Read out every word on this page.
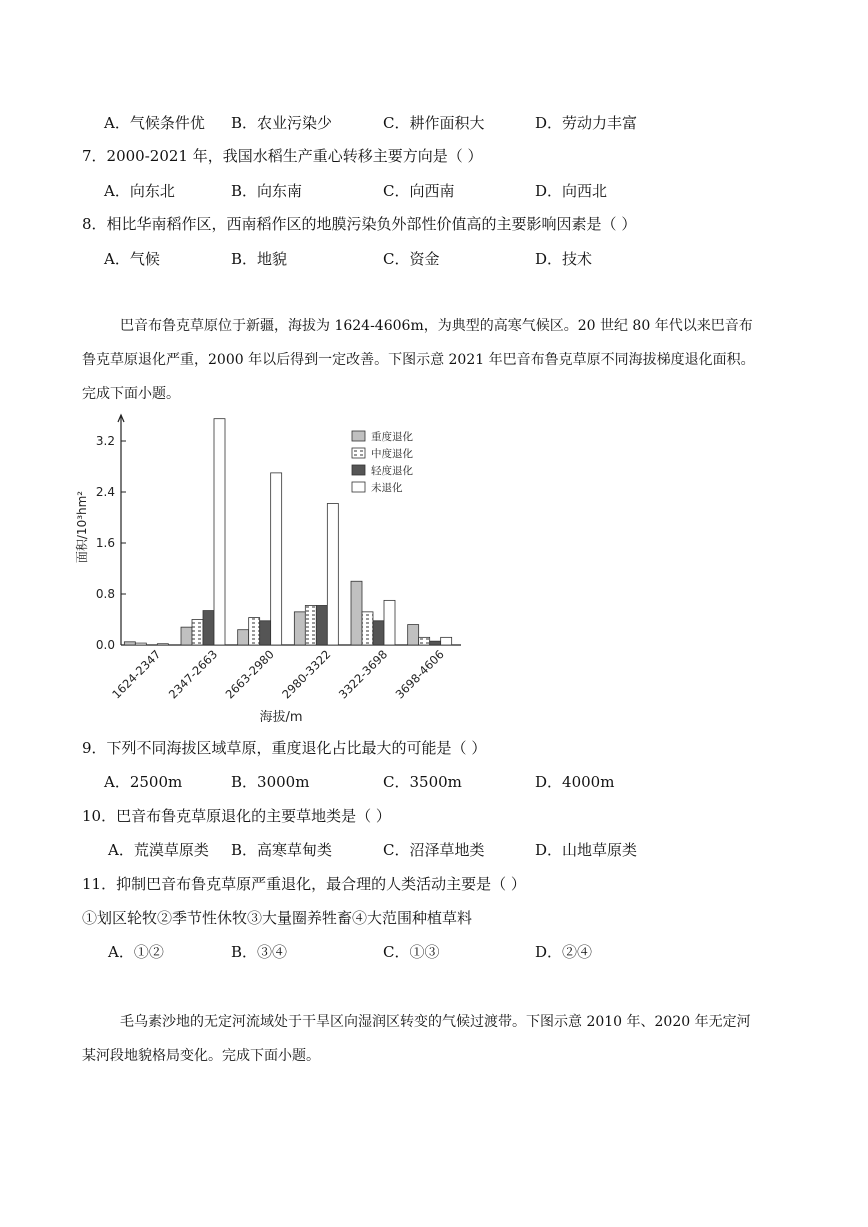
A．气候条件优 B．农业污染少	C．耕作面积大	D．劳动力丰富
7．2000-2021 年，我国水稻生产重心转移主要方向是（ ）
A．向东北	B．向东南	C．向西南	D．向西北
8．相比华南稻作区，西南稻作区的地膜污染负外部性价值高的主要影响因素是（ ）
A．气候	B．地貌	C．资金	D．技术
巴音布鲁克草原位于新疆，海拔为 1624-4606m，为典型的高寒气候区。20 世纪 80 年代以来巴音布
鲁克草原退化严重，2000 年以后得到一定改善。下图示意 2021 年巴音布鲁克草原不同海拔梯度退化面积。
完成下面小题。
0.0
0.8
1.6
2.4
3.2
1624-2347 2347-2663 2663-2980 2980-3322 3322-3698 3698-4606
重度退化
中度退化
轻度退化
未退化
面积/10³hm²
海拔/m
9．下列不同海拔区域草原，重度退化占比最大的可能是（ ）
A．2500m	B．3000m	C．3500m	D．4000m
10．巴音布鲁克草原退化的主要草地类是（ ）
A．荒漠草原类 B．高寒草甸类	C．沼泽草地类	D．山地草原类
11．抑制巴音布鲁克草原严重退化，最合理的人类活动主要是（ ）
①划区轮牧②季节性休牧③大量圈养牲畜④大范围种植草料
A．①②	B．③④	C．①③	D．②④
毛乌素沙地的无定河流域处于干旱区向湿润区转变的气候过渡带。下图示意 2010 年、2020 年无定河
某河段地貌格局变化。完成下面小题。
